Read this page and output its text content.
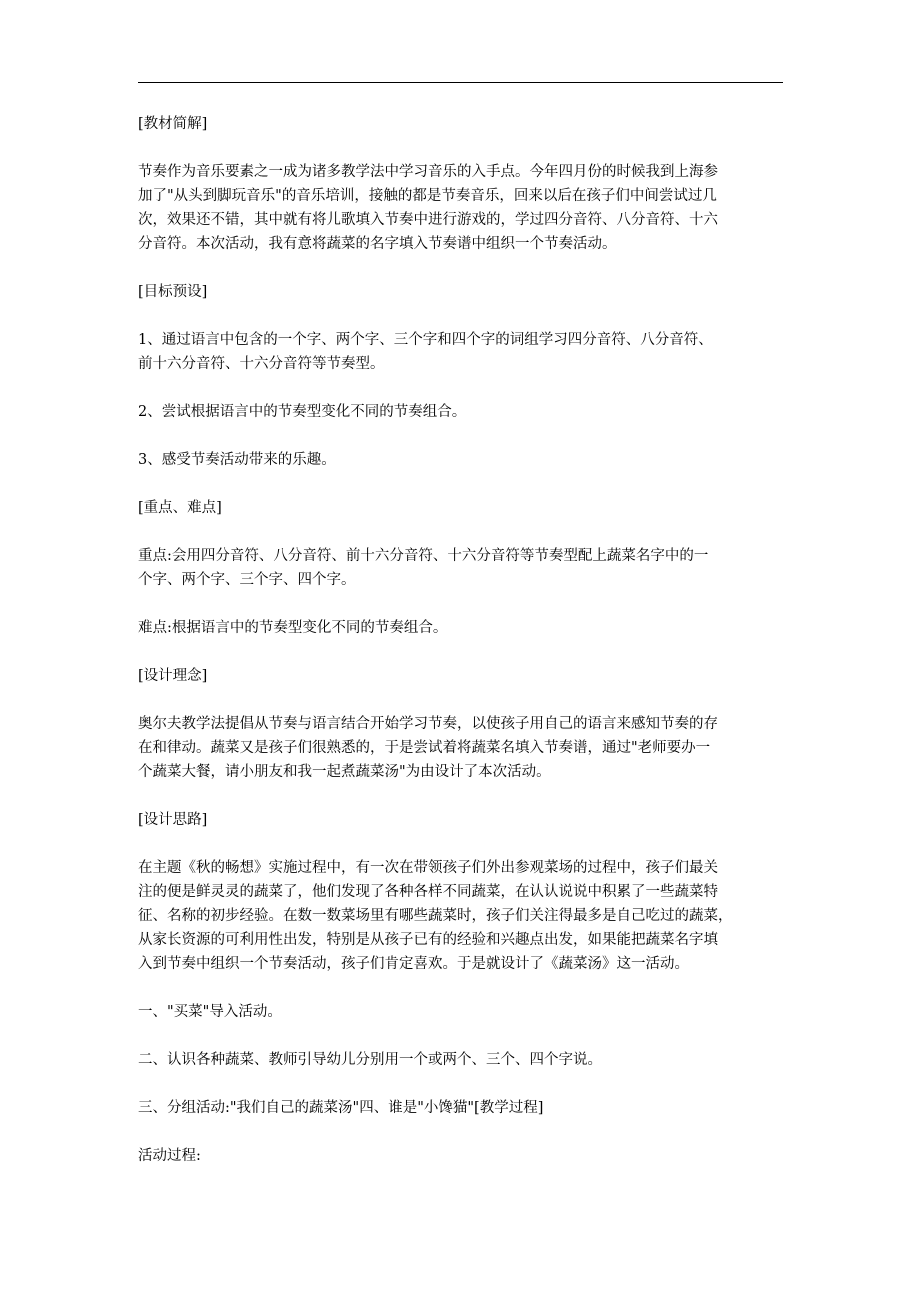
[教材简解]

节奏作为音乐要素之一成为诸多教学法中学习音乐的入手点。今年四月份的时候我到上海参
加了"从头到脚玩音乐"的音乐培训，接触的都是节奏音乐，回来以后在孩子们中间尝试过几
次，效果还不错，其中就有将儿歌填入节奏中进行游戏的，学过四分音符、八分音符、十六
分音符。本次活动，我有意将蔬菜的名字填入节奏谱中组织一个节奏活动。

[目标预设]

1、通过语言中包含的一个字、两个字、三个字和四个字的词组学习四分音符、八分音符、
前十六分音符、十六分音符等节奏型。

2、尝试根据语言中的节奏型变化不同的节奏组合。

3、感受节奏活动带来的乐趣。

[重点、难点]

重点:会用四分音符、八分音符、前十六分音符、十六分音符等节奏型配上蔬菜名字中的一
个字、两个字、三个字、四个字。

难点:根据语言中的节奏型变化不同的节奏组合。

[设计理念]

奥尔夫教学法提倡从节奏与语言结合开始学习节奏，以使孩子用自己的语言来感知节奏的存
在和律动。蔬菜又是孩子们很熟悉的，于是尝试着将蔬菜名填入节奏谱，通过"老师要办一
个蔬菜大餐，请小朋友和我一起煮蔬菜汤"为由设计了本次活动。

[设计思路]

在主题《秋的畅想》实施过程中，有一次在带领孩子们外出参观菜场的过程中，孩子们最关
注的便是鲜灵灵的蔬菜了，他们发现了各种各样不同蔬菜，在认认说说中积累了一些蔬菜特
征、名称的初步经验。在数一数菜场里有哪些蔬菜时，孩子们关注得最多是自己吃过的蔬菜，
从家长资源的可利用性出发，特别是从孩子已有的经验和兴趣点出发，如果能把蔬菜名字填
入到节奏中组织一个节奏活动，孩子们肯定喜欢。于是就设计了《蔬菜汤》这一活动。

一、"买菜"导入活动。

二、认识各种蔬菜、教师引导幼儿分别用一个或两个、三个、四个字说。

三、分组活动:"我们自己的蔬菜汤"四、谁是"小馋猫"[教学过程]

活动过程:
